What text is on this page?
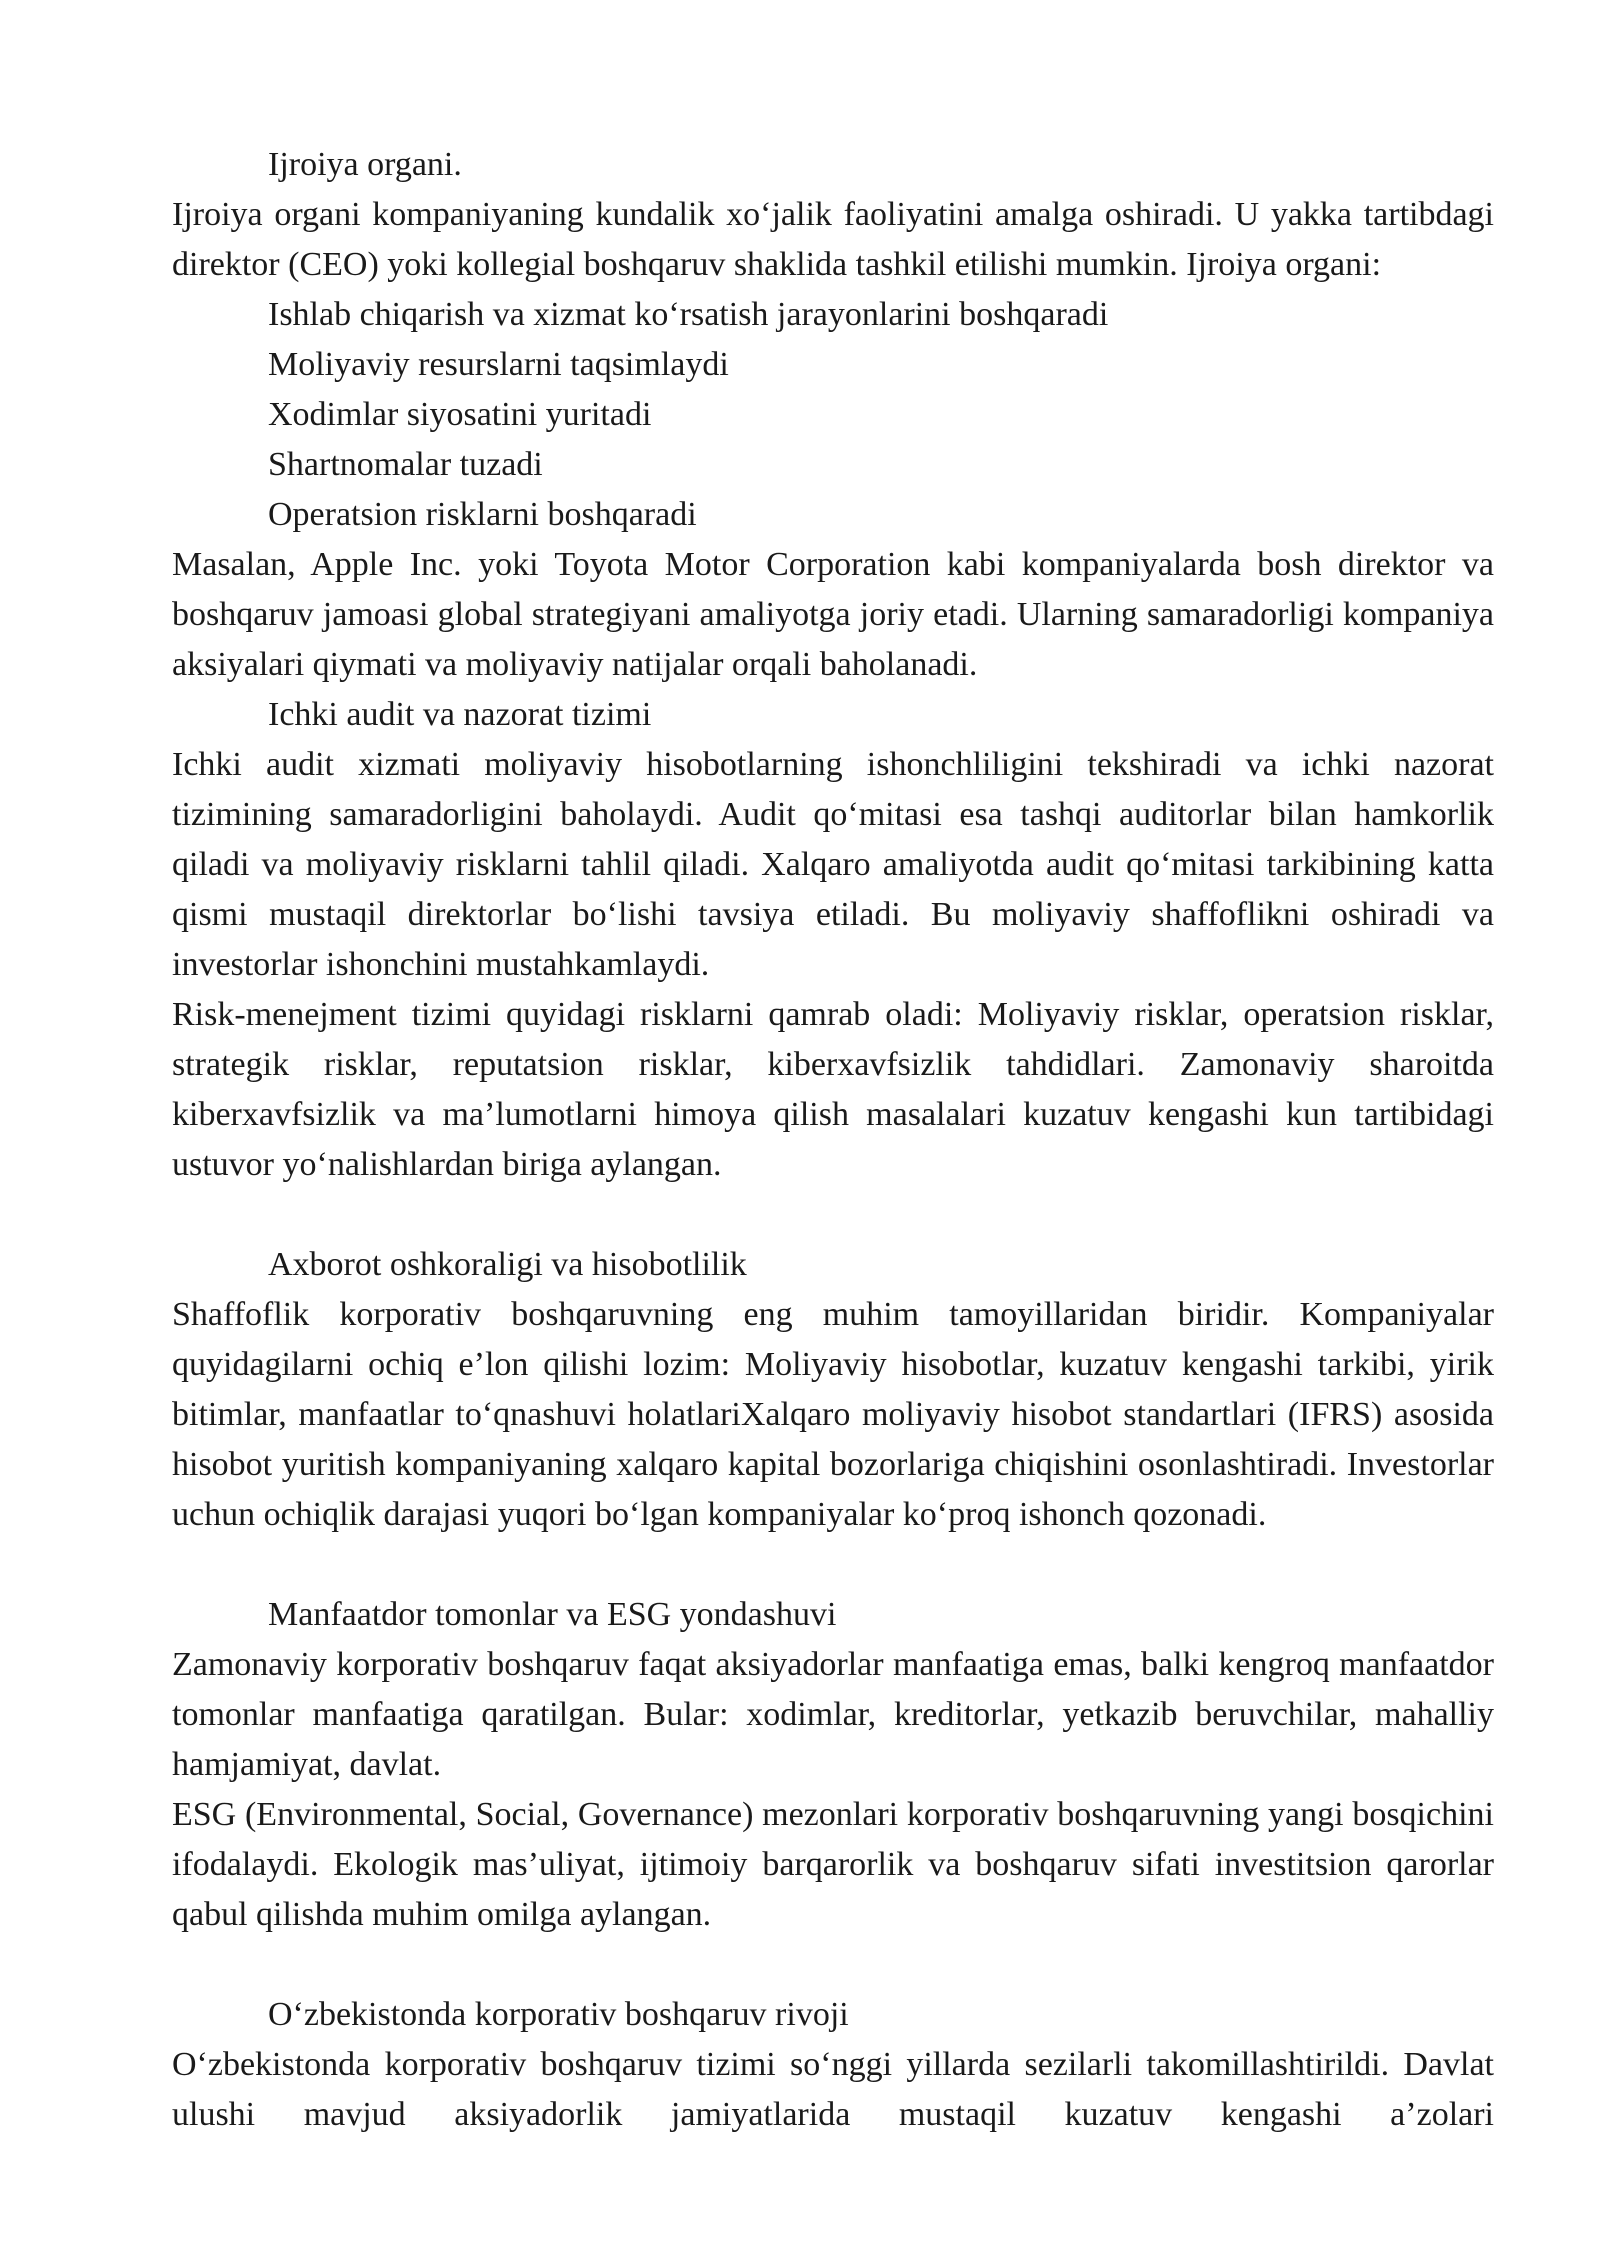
Ijroiya organi.

Ijroiya organi kompaniyaning kundalik xo‘jalik faoliyatini amalga oshiradi. U yakka tartibdagi direktor (CEO) yoki kollegial boshqaruv shaklida tashkil etilishi mumkin. Ijroiya organi:

Ishlab chiqarish va xizmat ko‘rsatish jarayonlarini boshqaradi
Moliyaviy resurslarni taqsimlaydi
Xodimlar siyosatini yuritadi
Shartnomalar tuzadi
Operatsion risklarni boshqaradi

Masalan, Apple Inc. yoki Toyota Motor Corporation kabi kompaniyalarda bosh direktor va boshqaruv jamoasi global strategiyani amaliyotga joriy etadi. Ularning samaradorligi kompaniya aksiyalari qiymati va moliyaviy natijalar orqali baholanadi.

Ichki audit va nazorat tizimi

Ichki audit xizmati moliyaviy hisobotlarning ishonchliligini tekshiradi va ichki nazorat tizimining samaradorligini baholaydi. Audit qo‘mitasi esa tashqi auditorlar bilan hamkorlik qiladi va moliyaviy risklarni tahlil qiladi. Xalqaro amaliyotda audit qo‘mitasi tarkibining katta qismi mustaqil direktorlar bo‘lishi tavsiya etiladi. Bu moliyaviy shaffoflikni oshiradi va investorlar ishonchini mustahkamlaydi.

Risk-menejment tizimi quyidagi risklarni qamrab oladi: Moliyaviy risklar, operatsion risklar, strategik risklar, reputatsion risklar, kiberxavfsizlik tahdidlari. Zamonaviy sharoitda kiberxavfsizlik va ma’lumotlarni himoya qilish masalalari kuzatuv kengashi kun tartibidagi ustuvor yo‘nalishlardan biriga aylangan.

Axborot oshkoraligi va hisobotlilik

Shaffoflik korporativ boshqaruvning eng muhim tamoyillaridan biridir. Kompaniyalar quyidagilarni ochiq e’lon qilishi lozim: Moliyaviy hisobotlar, kuzatuv kengashi tarkibi, yirik bitimlar, manfaatlar to‘qnashuvi holatlariXalqaro moliyaviy hisobot standartlari (IFRS) asosida hisobot yuritish kompaniyaning xalqaro kapital bozorlariga chiqishini osonlashtiradi. Investorlar uchun ochiqlik darajasi yuqori bo‘lgan kompaniyalar ko‘proq ishonch qozonadi.

Manfaatdor tomonlar va ESG yondashuvi

Zamonaviy korporativ boshqaruv faqat aksiyadorlar manfaatiga emas, balki kengroq manfaatdor tomonlar manfaatiga qaratilgan. Bular: xodimlar, kreditorlar, yetkazib beruvchilar, mahalliy hamjamiyat, davlat.

ESG (Environmental, Social, Governance) mezonlari korporativ boshqaruvning yangi bosqichini ifodalaydi. Ekologik mas’uliyat, ijtimoiy barqarorlik va boshqaruv sifati investitsion qarorlar qabul qilishda muhim omilga aylangan.

O‘zbekistonda korporativ boshqaruv rivoji

O‘zbekistonda korporativ boshqaruv tizimi so‘nggi yillarda sezilarli takomillashtirildi. Davlat ulushi mavjud aksiyadorlik jamiyatlarida mustaqil kuzatuv kengashi a’zolari
